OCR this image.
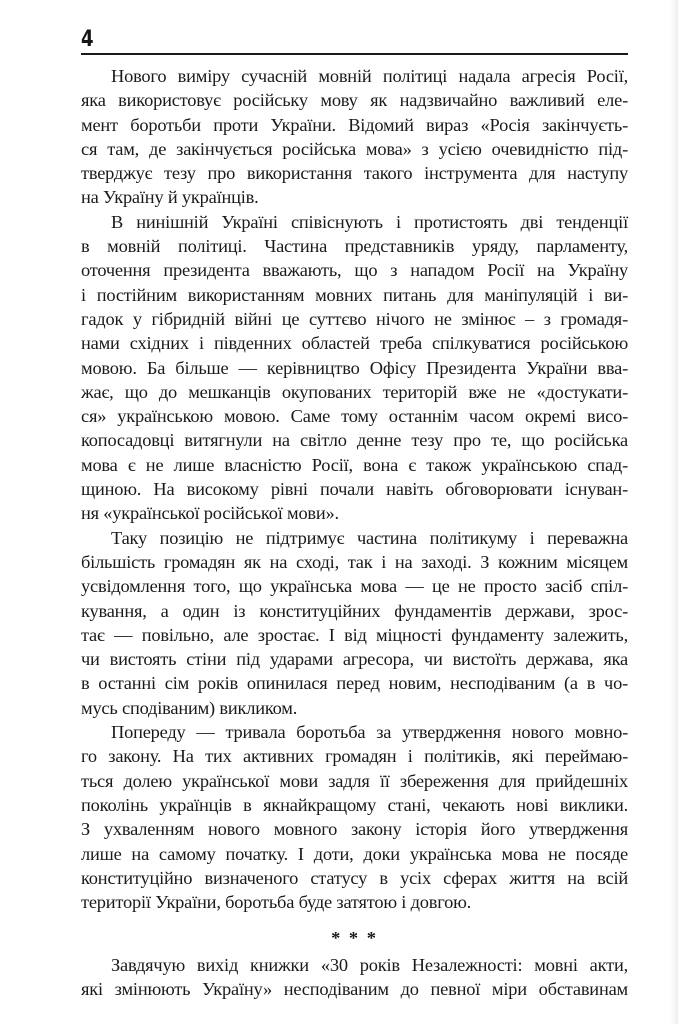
4
Нового виміру сучасній мовній політиці надала агресія Росії,
яка використовує російську мову як надзвичайно важливий еле-
мент боротьби проти України. Відомий вираз «Росія закінчуєть-
ся там, де закінчується російська мова» з усією очевидністю під-
тверджує тезу про використання такого інструмента для наступу
на Україну й українців.
В нинішній Україні співіснують і протистоять дві тенденції
в мовній політиці. Частина представників уряду, парламенту,
оточення президента вважають, що з нападом Росії на Україну
і постійним використанням мовних питань для маніпуляцій і ви-
гадок у гібридній війні це суттєво нічого не змінює – з громадя-
нами східних і південних областей треба спілкуватися російською
мовою. Ба більше — керівництво Офісу Президента України вва-
жає, що до мешканців окупованих територій вже не «достукати-
ся» українською мовою. Саме тому останнім часом окремі висо-
копосадовці витягнули на світло денне тезу про те, що російська
мова є не лише власністю Росії, вона є також українською спад-
щиною. На високому рівні почали навіть обговорювати існуван-
ня «української російської мови».
Таку позицію не підтримує частина політикуму і переважна
більшість громадян як на сході, так і на заході. З кожним місяцем
усвідомлення того, що українська мова — це не просто засіб спіл-
кування, а один із конституційних фундаментів держави, зрос-
тає — повільно, але зростає. І від міцності фундаменту залежить,
чи вистоять стіни під ударами агресора, чи вистоїть держава, яка
в останні сім років опинилася перед новим, несподіваним (а в чо-
мусь сподіваним) викликом.
Попереду — тривала боротьба за утвердження нового мовно-
го закону. На тих активних громадян і політиків, які переймаю-
ться долею української мови задля її збереження для прийдешніх
поколінь українців в якнайкращому стані, чекають нові виклики.
З ухваленням нового мовного закону історія його утвердження
лише на самому початку. І доти, доки українська мова не посяде
конституційно визначеного статусу в усіх сферах життя на всій
території України, боротьба буде затятою і довгою.
* * *
Завдячую вихід книжки «30 років Незалежності: мовні акти,
які змінюють Україну» несподіваним до певної міри обставинам
